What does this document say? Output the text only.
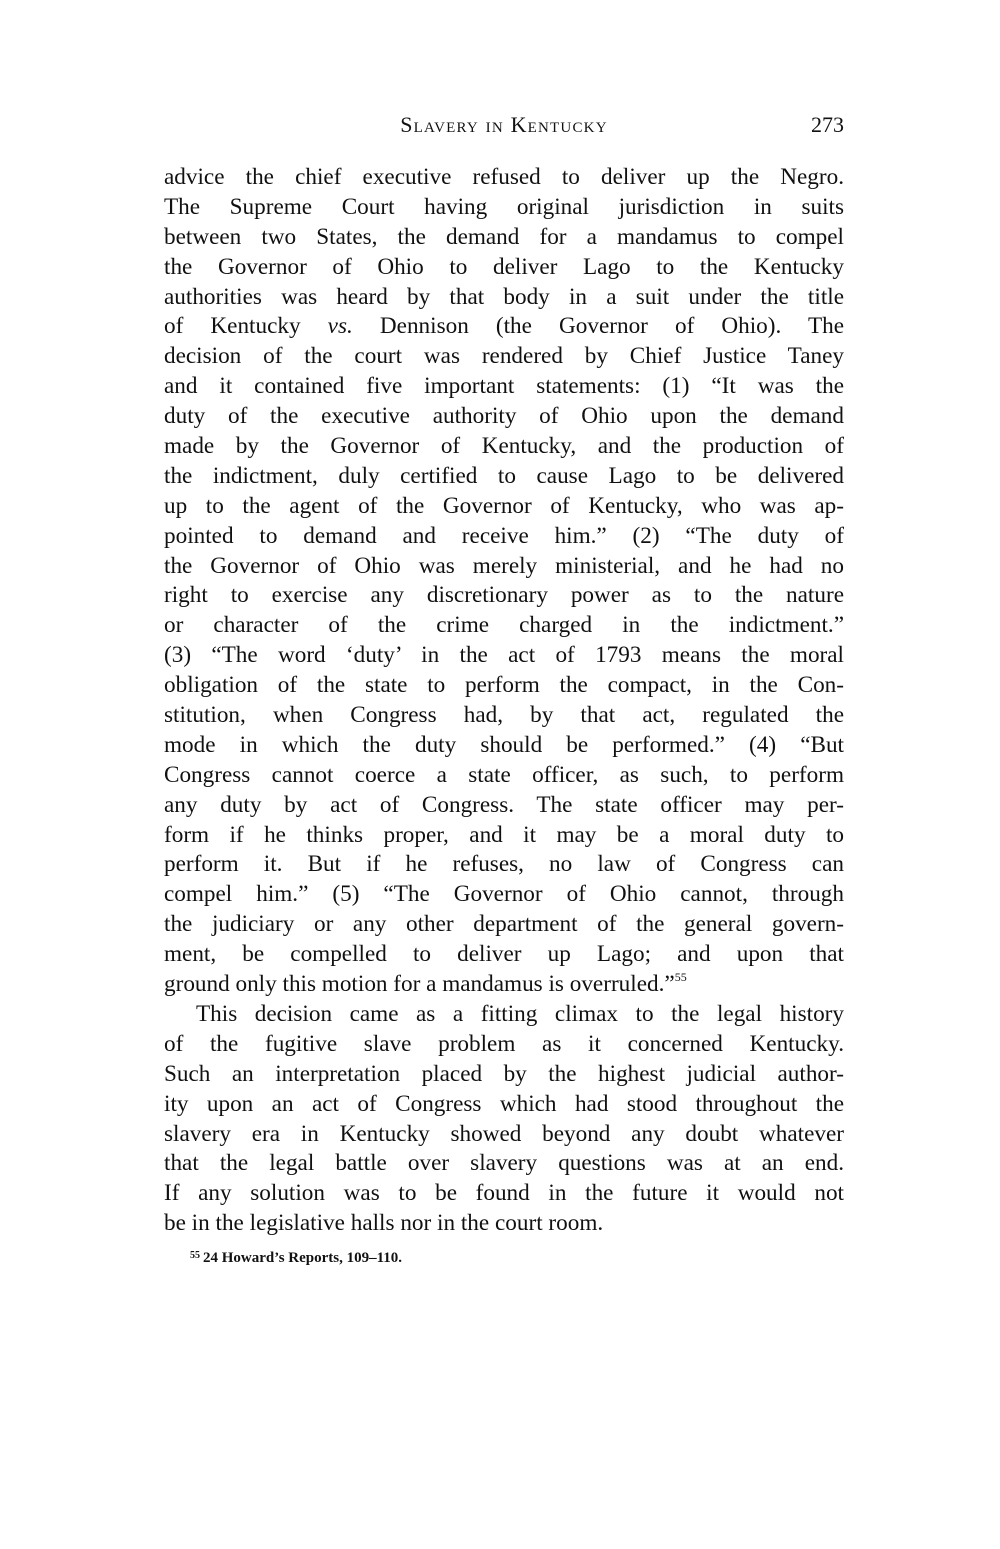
Slavery in Kentucky	273
advice the chief executive refused to deliver up the Negro.
The Supreme Court having original jurisdiction in suits
between two States, the demand for a mandamus to compel
the Governor of Ohio to deliver Lago to the Kentucky
authorities was heard by that body in a suit under the title
of Kentucky vs. Dennison (the Governor of Ohio). The
decision of the court was rendered by Chief Justice Taney
and it contained five important statements: (1) “It was the
duty of the executive authority of Ohio upon the demand
made by the Governor of Kentucky, and the production of
the indictment, duly certified to cause Lago to be delivered
up to the agent of the Governor of Kentucky, who was ap-
pointed to demand and receive him.” (2) “The duty of
the Governor of Ohio was merely ministerial, and he had no
right to exercise any discretionary power as to the nature
or character of the crime charged in the indictment.”
(3) “The word ‘duty’ in the act of 1793 means the moral
obligation of the state to perform the compact, in the Con-
stitution, when Congress had, by that act, regulated the
mode in which the duty should be performed.” (4) “But
Congress cannot coerce a state officer, as such, to perform
any duty by act of Congress. The state officer may per-
form if he thinks proper, and it may be a moral duty to
perform it. But if he refuses, no law of Congress can
compel him.” (5) “The Governor of Ohio cannot, through
the judiciary or any other department of the general govern-
ment, be compelled to deliver up Lago; and upon that
ground only this motion for a mandamus is overruled.”$^{55}$
This decision came as a fitting climax to the legal history
of the fugitive slave problem as it concerned Kentucky.
Such an interpretation placed by the highest judicial author-
ity upon an act of Congress which had stood throughout the
slavery era in Kentucky showed beyond any doubt whatever
that the legal battle over slavery questions was at an end.
If any solution was to be found in the future it would not
be in the legislative halls nor in the court room.
$^{55}$ 24 Howard’s Reports, 109–110.
